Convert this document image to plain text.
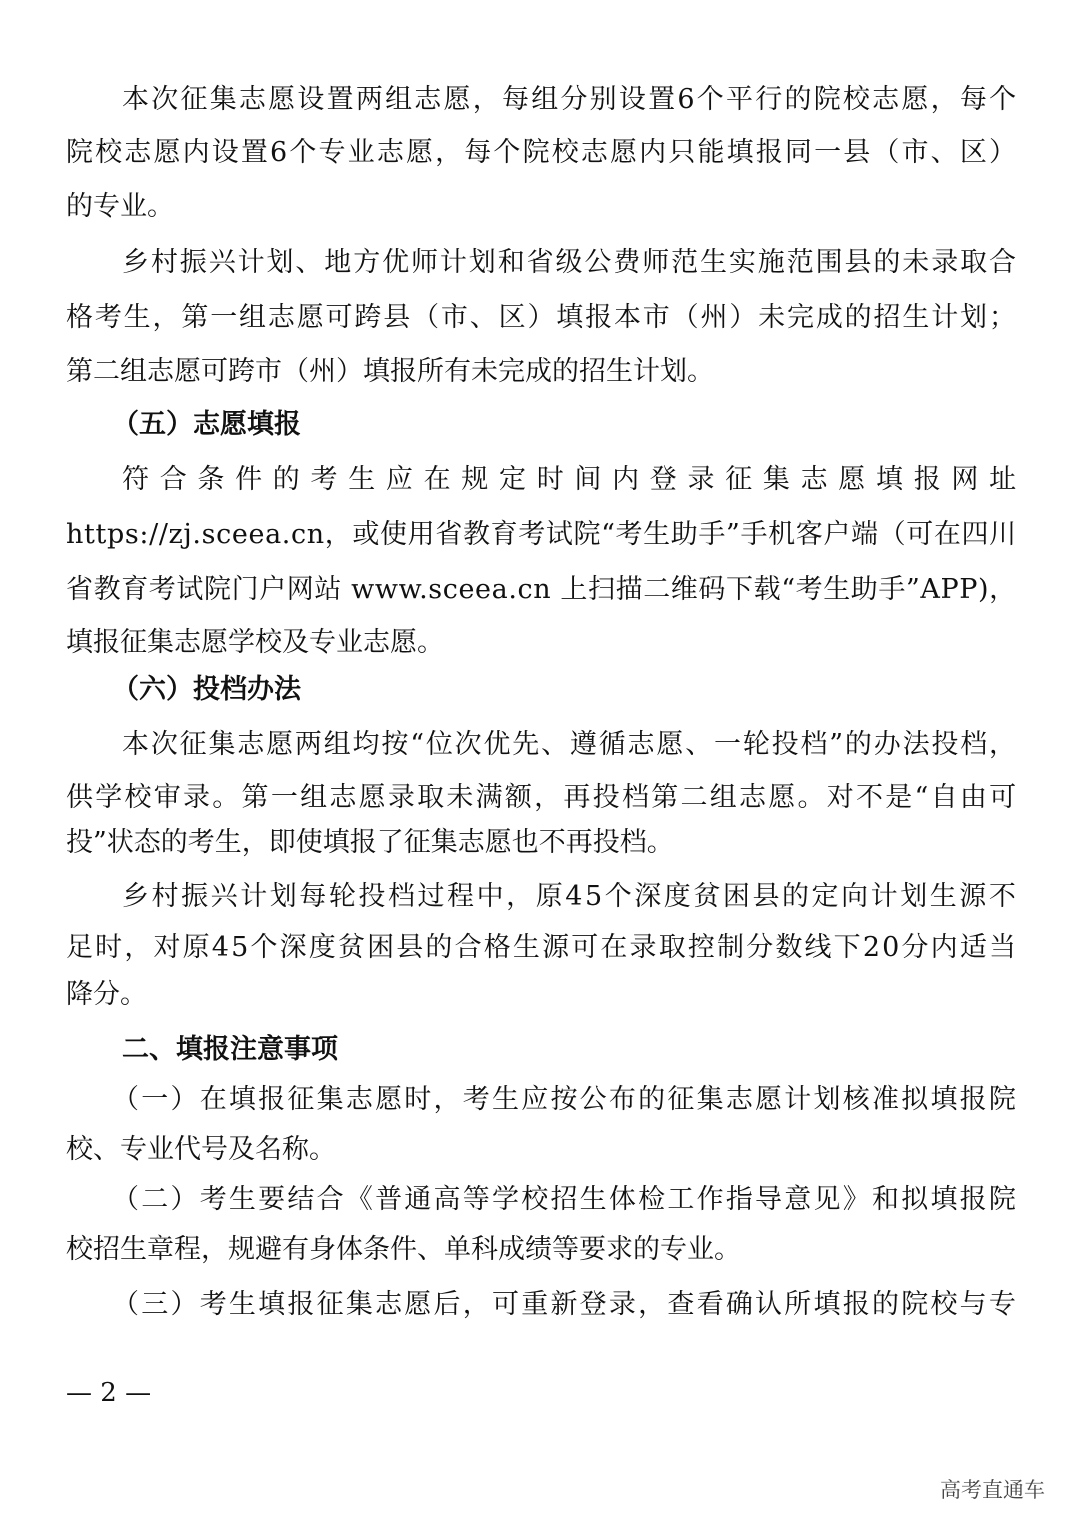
本次征集志愿设置两组志愿，每组分别设置6个平行的院校志愿，每个
院校志愿内设置6个专业志愿，每个院校志愿内只能填报同一县（市、区）
的专业。
乡村振兴计划、地方优师计划和省级公费师范生实施范围县的未录取合
格考生，第一组志愿可跨县（市、区）填报本市（州）未完成的招生计划；
第二组志愿可跨市（州）填报所有未完成的招生计划。
（五）志愿填报
符合条件的考生应在规定时间内登录征集志愿填报网址
https://zj.sceea.cn，或使用省教育考试院“考生助手”手机客户端（可在四川
省教育考试院门户网站 www.sceea.cn 上扫描二维码下载“考生助手”APP)，
填报征集志愿学校及专业志愿。
（六）投档办法
本次征集志愿两组均按“位次优先、遵循志愿、一轮投档”的办法投档，
供学校审录。第一组志愿录取未满额，再投档第二组志愿。对不是“自由可
投”状态的考生，即使填报了征集志愿也不再投档。
乡村振兴计划每轮投档过程中，原45个深度贫困县的定向计划生源不
足时，对原45个深度贫困县的合格生源可在录取控制分数线下20分内适当
降分。
二、填报注意事项
（一）在填报征集志愿时，考生应按公布的征集志愿计划核准拟填报院
校、专业代号及名称。
（二）考生要结合《普通高等学校招生体检工作指导意见》和拟填报院
校招生章程，规避有身体条件、单科成绩等要求的专业。
（三）考生填报征集志愿后，可重新登录，查看确认所填报的院校与专
— 2 —
高考直通车
